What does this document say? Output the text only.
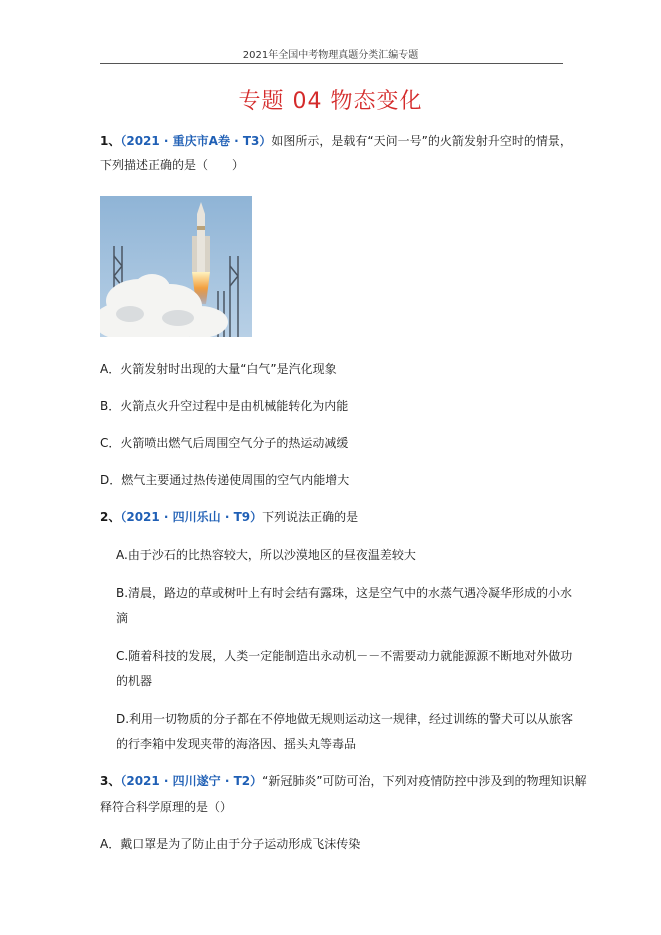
2021年全国中考物理真题分类汇编专题
专题 04 物态变化
1、（2021 · 重庆市A卷 · T3）如图所示，是载有“天问一号”的火箭发射升空时的情景，
下列描述正确的是（　　）
A．火箭发射时出现的大量“白气”是汽化现象
B．火箭点火升空过程中是由机械能转化为内能
C．火箭喷出燃气后周围空气分子的热运动减缓
D．燃气主要通过热传递使周围的空气内能增大
2、（2021 · 四川乐山 · T9）下列说法正确的是
A.由于沙石的比热容较大，所以沙漠地区的昼夜温差较大
B.清晨，路边的草或树叶上有时会结有露珠，这是空气中的水蒸气遇冷凝华形成的小水
滴
C.随着科技的发展，人类一定能制造出永动机－－不需要动力就能源源不断地对外做功
的机器
D.利用一切物质的分子都在不停地做无规则运动这一规律，经过训练的警犬可以从旅客
的行李箱中发现夹带的海洛因、摇头丸等毒品
3、（2021 · 四川遂宁 · T2）“新冠肺炎”可防可治，下列对疫情防控中涉及到的物理知识解
释符合科学原理的是（）
A．戴口罩是为了防止由于分子运动形成飞沫传染
